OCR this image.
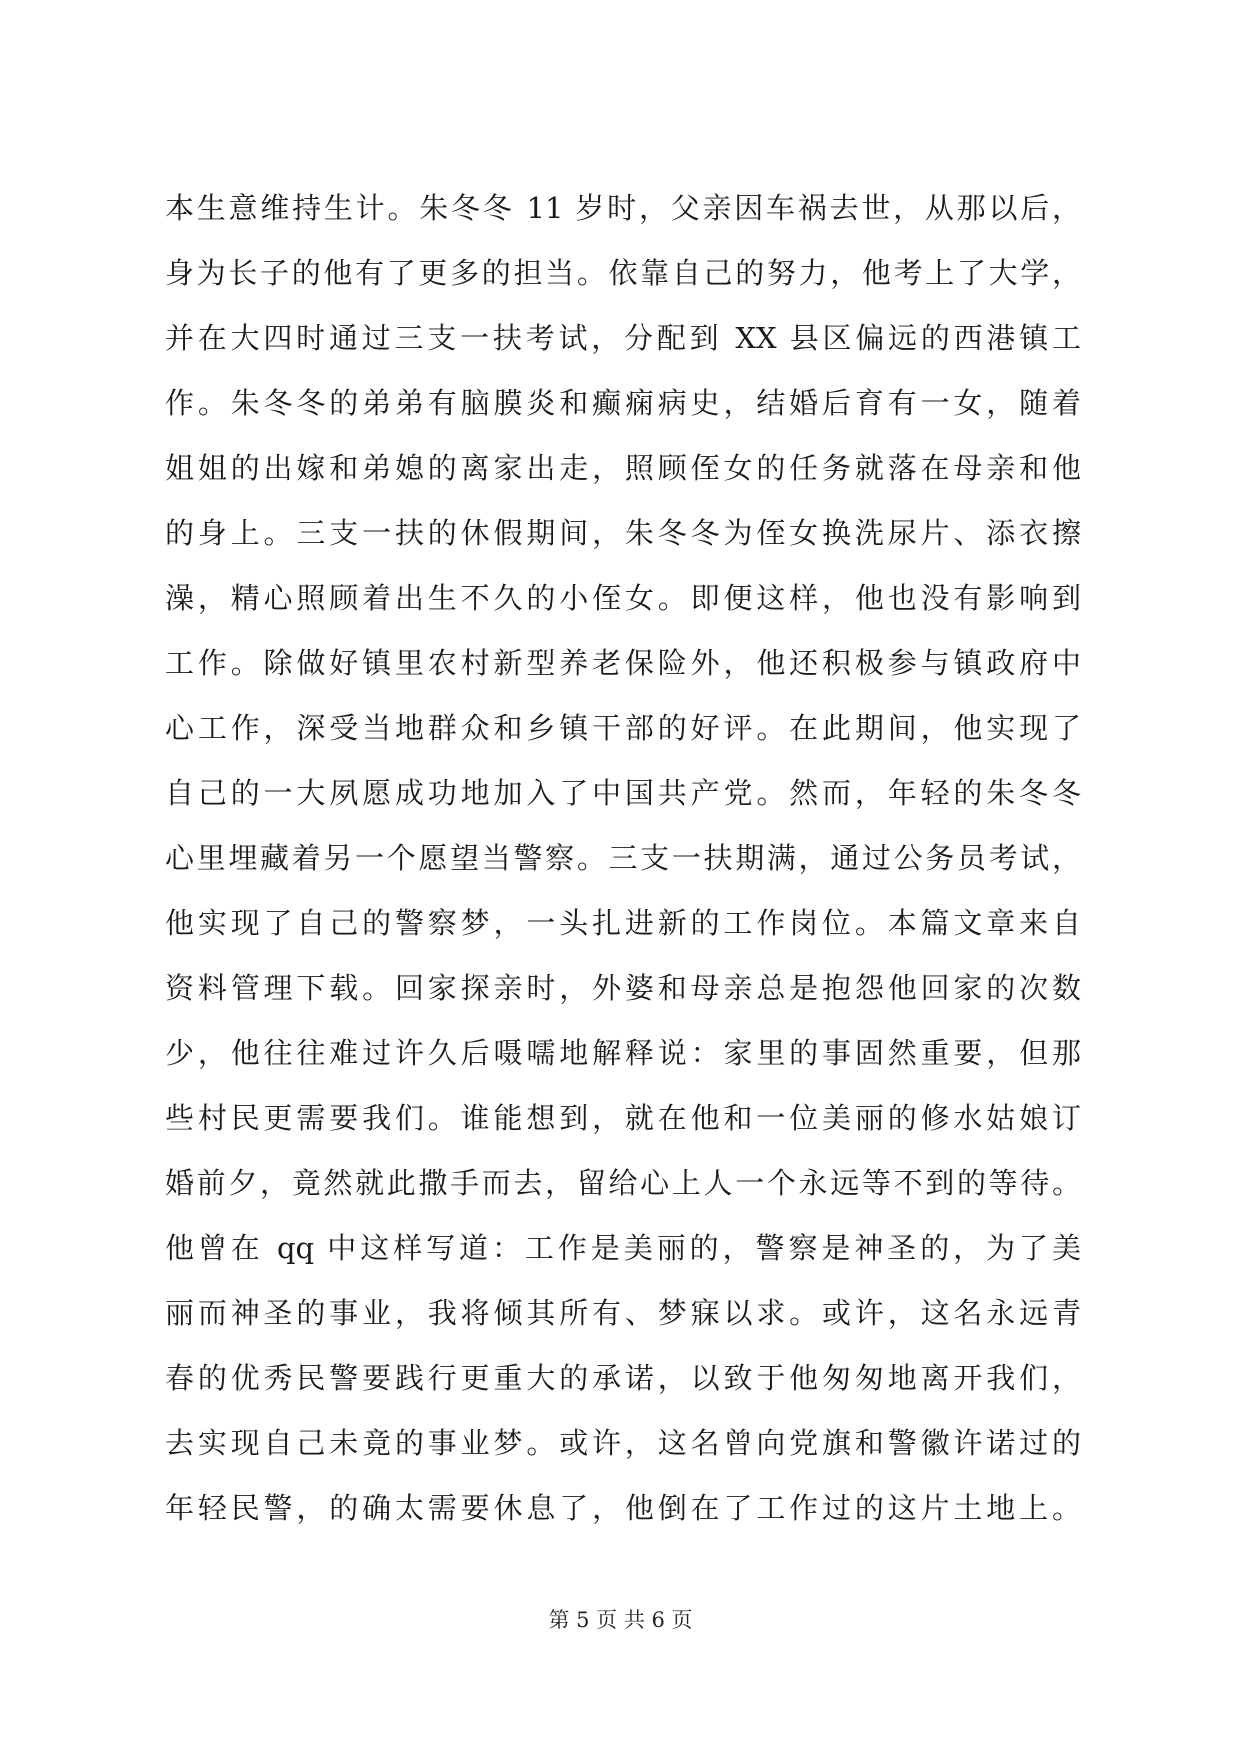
本生意维持生计。朱冬冬 11 岁时，父亲因车祸去世，从那以后，
身为长子的他有了更多的担当。依靠自己的努力，他考上了大学，
并在大四时通过三支一扶考试，分配到 XX 县区偏远的西港镇工
作。朱冬冬的弟弟有脑膜炎和癫痫病史，结婚后育有一女，随着
姐姐的出嫁和弟媳的离家出走，照顾侄女的任务就落在母亲和他
的身上。三支一扶的休假期间，朱冬冬为侄女换洗尿片、添衣擦
澡，精心照顾着出生不久的小侄女。即便这样，他也没有影响到
工作。除做好镇里农村新型养老保险外，他还积极参与镇政府中
心工作，深受当地群众和乡镇干部的好评。在此期间，他实现了
自己的一大夙愿成功地加入了中国共产党。然而，年轻的朱冬冬
心里埋藏着另一个愿望当警察。三支一扶期满，通过公务员考试，
他实现了自己的警察梦，一头扎进新的工作岗位。本篇文章来自
资料管理下载。回家探亲时，外婆和母亲总是抱怨他回家的次数
少，他往往难过许久后嗫嚅地解释说：家里的事固然重要，但那
些村民更需要我们。谁能想到，就在他和一位美丽的修水姑娘订
婚前夕，竟然就此撒手而去，留给心上人一个永远等不到的等待。
他曾在 qq 中这样写道：工作是美丽的，警察是神圣的，为了美
丽而神圣的事业，我将倾其所有、梦寐以求。或许，这名永远青
春的优秀民警要践行更重大的承诺，以致于他匆匆地离开我们，
去实现自己未竟的事业梦。或许，这名曾向党旗和警徽许诺过的
年轻民警，的确太需要休息了，他倒在了工作过的这片土地上。
第 5 页 共 6 页
